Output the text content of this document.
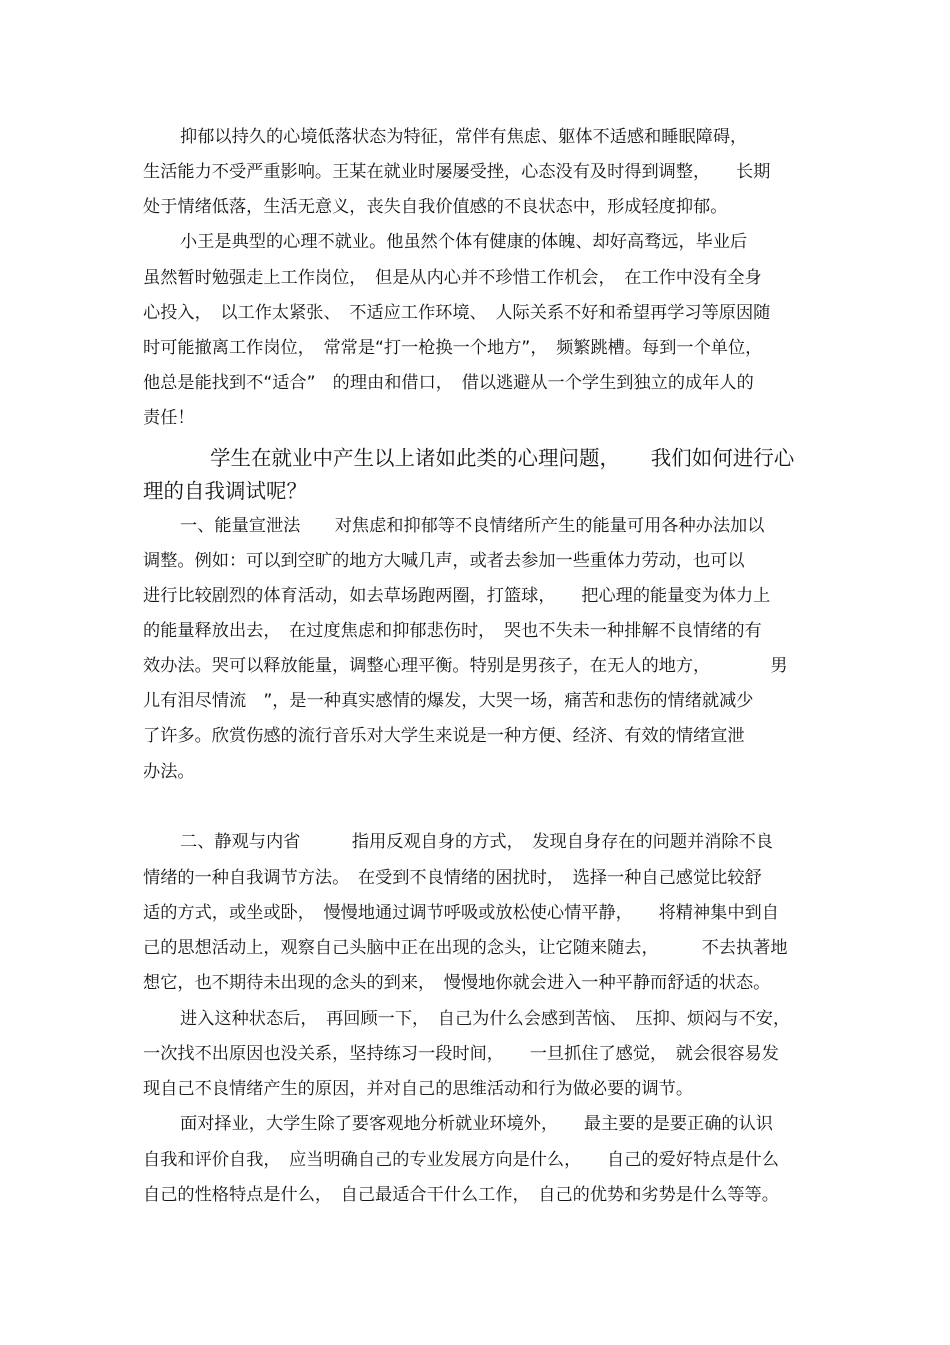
抑郁以持久的心境低落状态为特征，常伴有焦虑、躯体不适感和睡眠障碍，

生活能力不受严重影响。王某在就业时屡屡受挫，心态没有及时得到调整，　　长期

处于情绪低落，生活无意义，丧失自我价值感的不良状态中，形成轻度抑郁。

小王是典型的心理不就业。他虽然个体有健康的体魄、却好高骛远，毕业后

虽然暂时勉强走上工作岗位，　但是从内心并不珍惜工作机会，　在工作中没有全身

心投入，　以工作太紧张、　不适应工作环境、　人际关系不好和希望再学习等原因随

时可能撤离工作岗位，　常常是“打一枪换一个地方”，　频繁跳槽。每到一个单位，

他总是能找到不“适合”　的理由和借口，　借以逃避从一个学生到独立的成年人的

责任！

学生在就业中产生以上诸如此类的心理问题，　　我们如何进行心

理的自我调试呢？

一、能量宣泄法　　对焦虑和抑郁等不良情绪所产生的能量可用各种办法加以

调整。例如：可以到空旷的地方大喊几声，或者去参加一些重体力劳动，也可以

进行比较剧烈的体育活动，如去草场跑两圈，打篮球，　　把心理的能量变为体力上

的能量释放出去，　在过度焦虑和抑郁悲伤时，　哭也不失未一种排解不良情绪的有

效办法。哭可以释放能量，调整心理平衡。特别是男孩子，在无人的地方，　　　　男

儿有泪尽情流　”，是一种真实感情的爆发，大哭一场，痛苦和悲伤的情绪就减少

了许多。欣赏伤感的流行音乐对大学生来说是一种方便、经济、有效的情绪宣泄

办法。

二、静观与内省　　　指用反观自身的方式，　发现自身存在的问题并消除不良

情绪的一种自我调节方法。　在受到不良情绪的困扰时，　选择一种自己感觉比较舒

适的方式，或坐或卧，　慢慢地通过调节呼吸或放松使心情平静，　　将精神集中到自

己的思想活动上，观察自己头脑中正在出现的念头，让它随来随去，　　　不去执著地

想它，也不期待未出现的念头的到来，　慢慢地你就会进入一种平静而舒适的状态。

进入这种状态后，　再回顾一下，　自己为什么会感到苦恼、　压抑、烦闷与不安，

一次找不出原因也没关系，坚持练习一段时间，　　一旦抓住了感觉，　就会很容易发

现自己不良情绪产生的原因，并对自己的思维活动和行为做必要的调节。

面对择业，大学生除了要客观地分析就业环境外，　　最主要的是要正确的认识

自我和评价自我，　应当明确自己的专业发展方向是什么，　　自己的爱好特点是什么

自己的性格特点是什么，　自己最适合干什么工作，　自己的优势和劣势是什么等等。
